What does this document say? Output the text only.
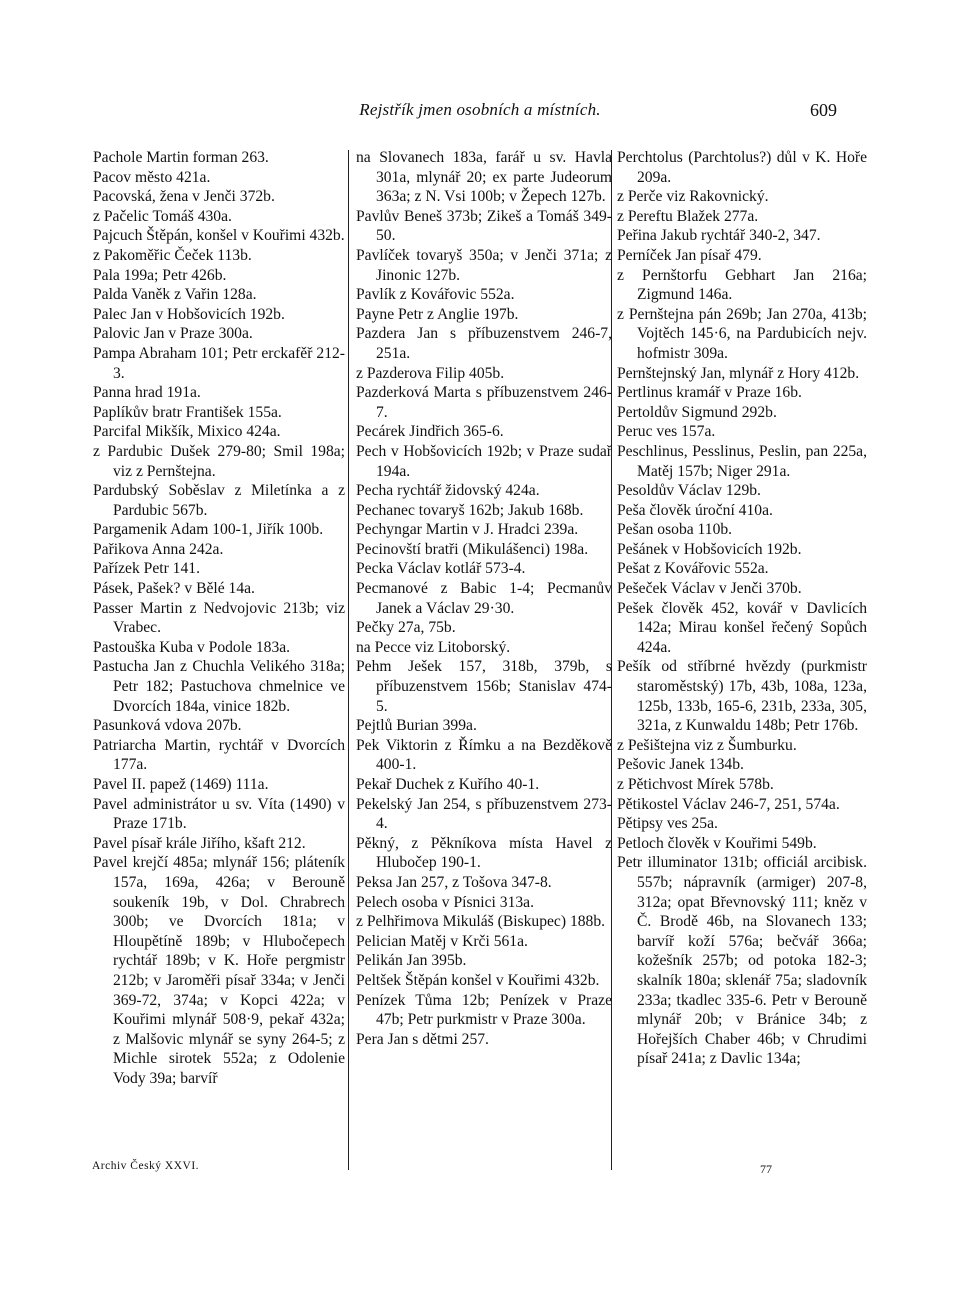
Rejstřík jmen osobních a místních.	609
Pachole Martin forman 263.
Pacov město 421a.
Pacovská, žena v Jenči 372b.
z Pačelic Tomáš 430a.
Pajcuch Štěpán, konšel v Kouřimi 432b.
z Pakoměřic Čeček 113b.
Pala 199a; Petr 426b.
Palda Vaněk z Vařin 128a.
Palec Jan v Hobšovicích 192b.
Palovic Jan v Praze 300a.
Pampa Abraham 101; Petr erckafěř 212-3.
Panna hrad 191a.
Paplíkův bratr František 155a.
Parcifal Mikšík, Mixico 424a.
z Pardubic Dušek 279-80; Smil 198a; viz z Pernštejna.
Pardubský Soběslav z Miletínka a z Pardubic 567b.
Pargamenik Adam 100-1, Jiřík 100b.
Pařikova Anna 242a.
Pařízek Petr 141.
Pásek, Pašek? v Bělé 14a.
Passer Martin z Nedvojovic 213b; viz Vrabec.
Pastouška Kuba v Podole 183a.
Pastucha Jan z Chuchla Velikého 318a; Petr 182; Pastuchova chmelnice ve Dvorcích 184a, vinice 182b.
Pasunková vdova 207b.
Patriarcha Martin, rychtář v Dvorcích 177a.
Pavel II. papež (1469) 111a.
Pavel administrátor u sv. Víta (1490) v Praze 171b.
Pavel písař krále Jiřího, kšaft 212.
Pavel krejčí 485a; mlynář 156; pláteník 157a, 169a, 426a; v Berouně soukeník 19b, v Dol. Chrabrech 300b; ve Dvorcích 181a; v Hloupětíně 189b; v Hlubočepech rychtář 189b; v K. Hoře pergmistr 212b; v Jaroměři písař 334a; v Jenči 369-72, 374a; v Kopci 422a; v Kouřimi mlynář 508·9, pekař 432a; z Malšovic mlynář se syny 264-5; z Michle sirotek 552a; z Odolenie Vody 39a; barvíř
na Slovanech 183a, farář u sv. Havla 301a, mlynář 20; ex parte Judeorum 363a; z N. Vsi 100b; v Žepech 127b.
Pavlův Beneš 373b; Zikeš a Tomáš 349-50.
Pavlíček tovaryš 350a; v Jenči 371a; z Jinonic 127b.
Pavlík z Kovářovic 552a.
Payne Petr z Anglie 197b.
Pazdera Jan s příbuzenstvem 246-7, 251a.
z Pazderova Filip 405b.
Pazderková Marta s příbuzenstvem 246-7.
Pecárek Jindřich 365-6.
Pech v Hobšovicích 192b; v Praze sudař 194a.
Pecha rychtář židovský 424a.
Pechanec tovaryš 162b; Jakub 168b.
Pechyngar Martin v J. Hradci 239a.
Pecinovští bratři (Mikulášenci) 198a.
Pecka Václav kotlář 573-4.
Pecmanové z Babic 1-4; Pecmanův Janek a Václav 29·30.
Pečky 27a, 75b.
na Pecce viz Litoborský.
Pehm Ješek 157, 318b, 379b, s příbuzenstvem 156b; Stanislav 474-5.
Pejtlů Burian 399a.
Pek Viktorin z Římku a na Bezděkově 400-1.
Pekař Duchek z Kuřího 40-1.
Pekelský Jan 254, s příbuzenstvem 273-4.
Pěkný, z Pěkníkova místa Havel z Hlubočep 190-1.
Peksa Jan 257, z Tošova 347-8.
Pelech osoba v Písnici 313a.
z Pelhřimova Mikuláš (Biskupec) 188b.
Pelician Matěj v Krči 561a.
Pelikán Jan 395b.
Peltšek Štěpán konšel v Kouřimi 432b.
Penízek Tůma 12b; Penízek v Praze 47b; Petr purkmistr v Praze 300a.
Pera Jan s dětmi 257.
Perchtolus (Parchtolus?) důl v K. Hoře 209a.
z Perče viz Rakovnický.
z Pereftu Blažek 277a.
Peřina Jakub rychtář 340-2, 347.
Perníček Jan písař 479.
z Pernštorfu Gebhart Jan 216a; Zigmund 146a.
z Pernštejna pán 269b; Jan 270a, 413b; Vojtěch 145·6, na Pardubicích nejv. hofmistr 309a.
Pernštejnský Jan, mlynář z Hory 412b.
Pertlinus kramář v Praze 16b.
Pertoldův Sigmund 292b.
Peruc ves 157a.
Peschlinus, Pesslinus, Peslin, pan 225a, Matěj 157b; Niger 291a.
Pesoldův Václav 129b.
Peša člověk úroční 410a.
Pešan osoba 110b.
Pešánek v Hobšovicích 192b.
Pešat z Kovářovic 552a.
Pešeček Václav v Jenči 370b.
Pešek člověk 452, kovář v Davlicích 142a; Mirau konšel řečený Sopůch 424a.
Pešík od stříbrné hvězdy (purkmistr staroměstský) 17b, 43b, 108a, 123a, 125b, 133b, 165-6, 231b, 233a, 305, 321a, z Kunwaldu 148b; Petr 176b.
z Pešištejna viz z Šumburku.
Pešovic Janek 134b.
z Pětichvost Mírek 578b.
Pětikostel Václav 246-7, 251, 574a.
Pětipsy ves 25a.
Petloch člověk v Kouřimi 549b.
Petr illuminator 131b; officiál arcibisk. 557b; nápravník (armiger) 207-8, 312a; opat Břevnovský 111; kněz v Č. Brodě 46b, na Slovanech 133; barvíř koží 576a; bečvář 366a; kožešník 257b; od potoka 182-3; skalník 180a; sklenář 75a; sladovník 233a; tkadlec 335-6. Petr v Berouně mlynář 20b; v Bránice 34b; z Hořejších Chaber 46b; v Chrudimi písař 241a; z Davlic 134a;
Archiv Český XXVI.	77
